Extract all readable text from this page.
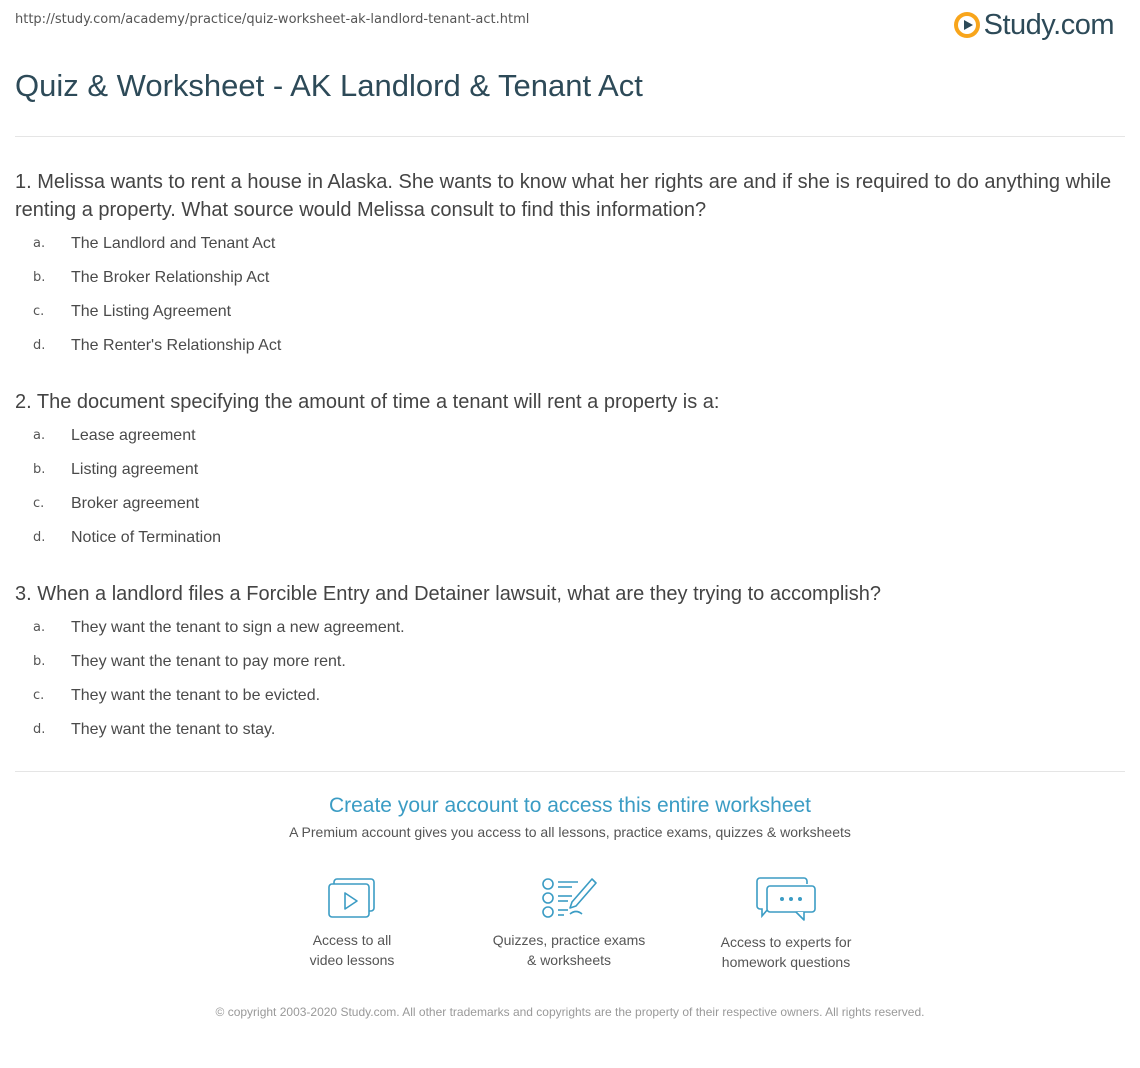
http://study.com/academy/practice/quiz-worksheet-ak-landlord-tenant-act.html	Study.com
Quiz & Worksheet - AK Landlord & Tenant Act

1. Melissa wants to rent a house in Alaska. She wants to know what her rights are and if she is required to do anything while renting a property. What source would Melissa consult to find this information?

a.	The Landlord and Tenant Act
b.	The Broker Relationship Act
c.	The Listing Agreement
d.	The Renter's Relationship Act

2. The document specifying the amount of time a tenant will rent a property is a:

a.	Lease agreement
b.	Listing agreement
c.	Broker agreement
d.	Notice of Termination

3. When a landlord files a Forcible Entry and Detainer lawsuit, what are they trying to accomplish?

a.	They want the tenant to sign a new agreement.
b.	They want the tenant to pay more rent.
c.	They want the tenant to be evicted.
d.	They want the tenant to stay.

Create your account to access this entire worksheet

A Premium account gives you access to all lessons, practice exams, quizzes & worksheets
Access to all
video lessons
Quizzes, practice exams
& worksheets
Access to experts for
homework questions
© copyright 2003-2020 Study.com. All other trademarks and copyrights are the property of their respective owners. All rights reserved.
